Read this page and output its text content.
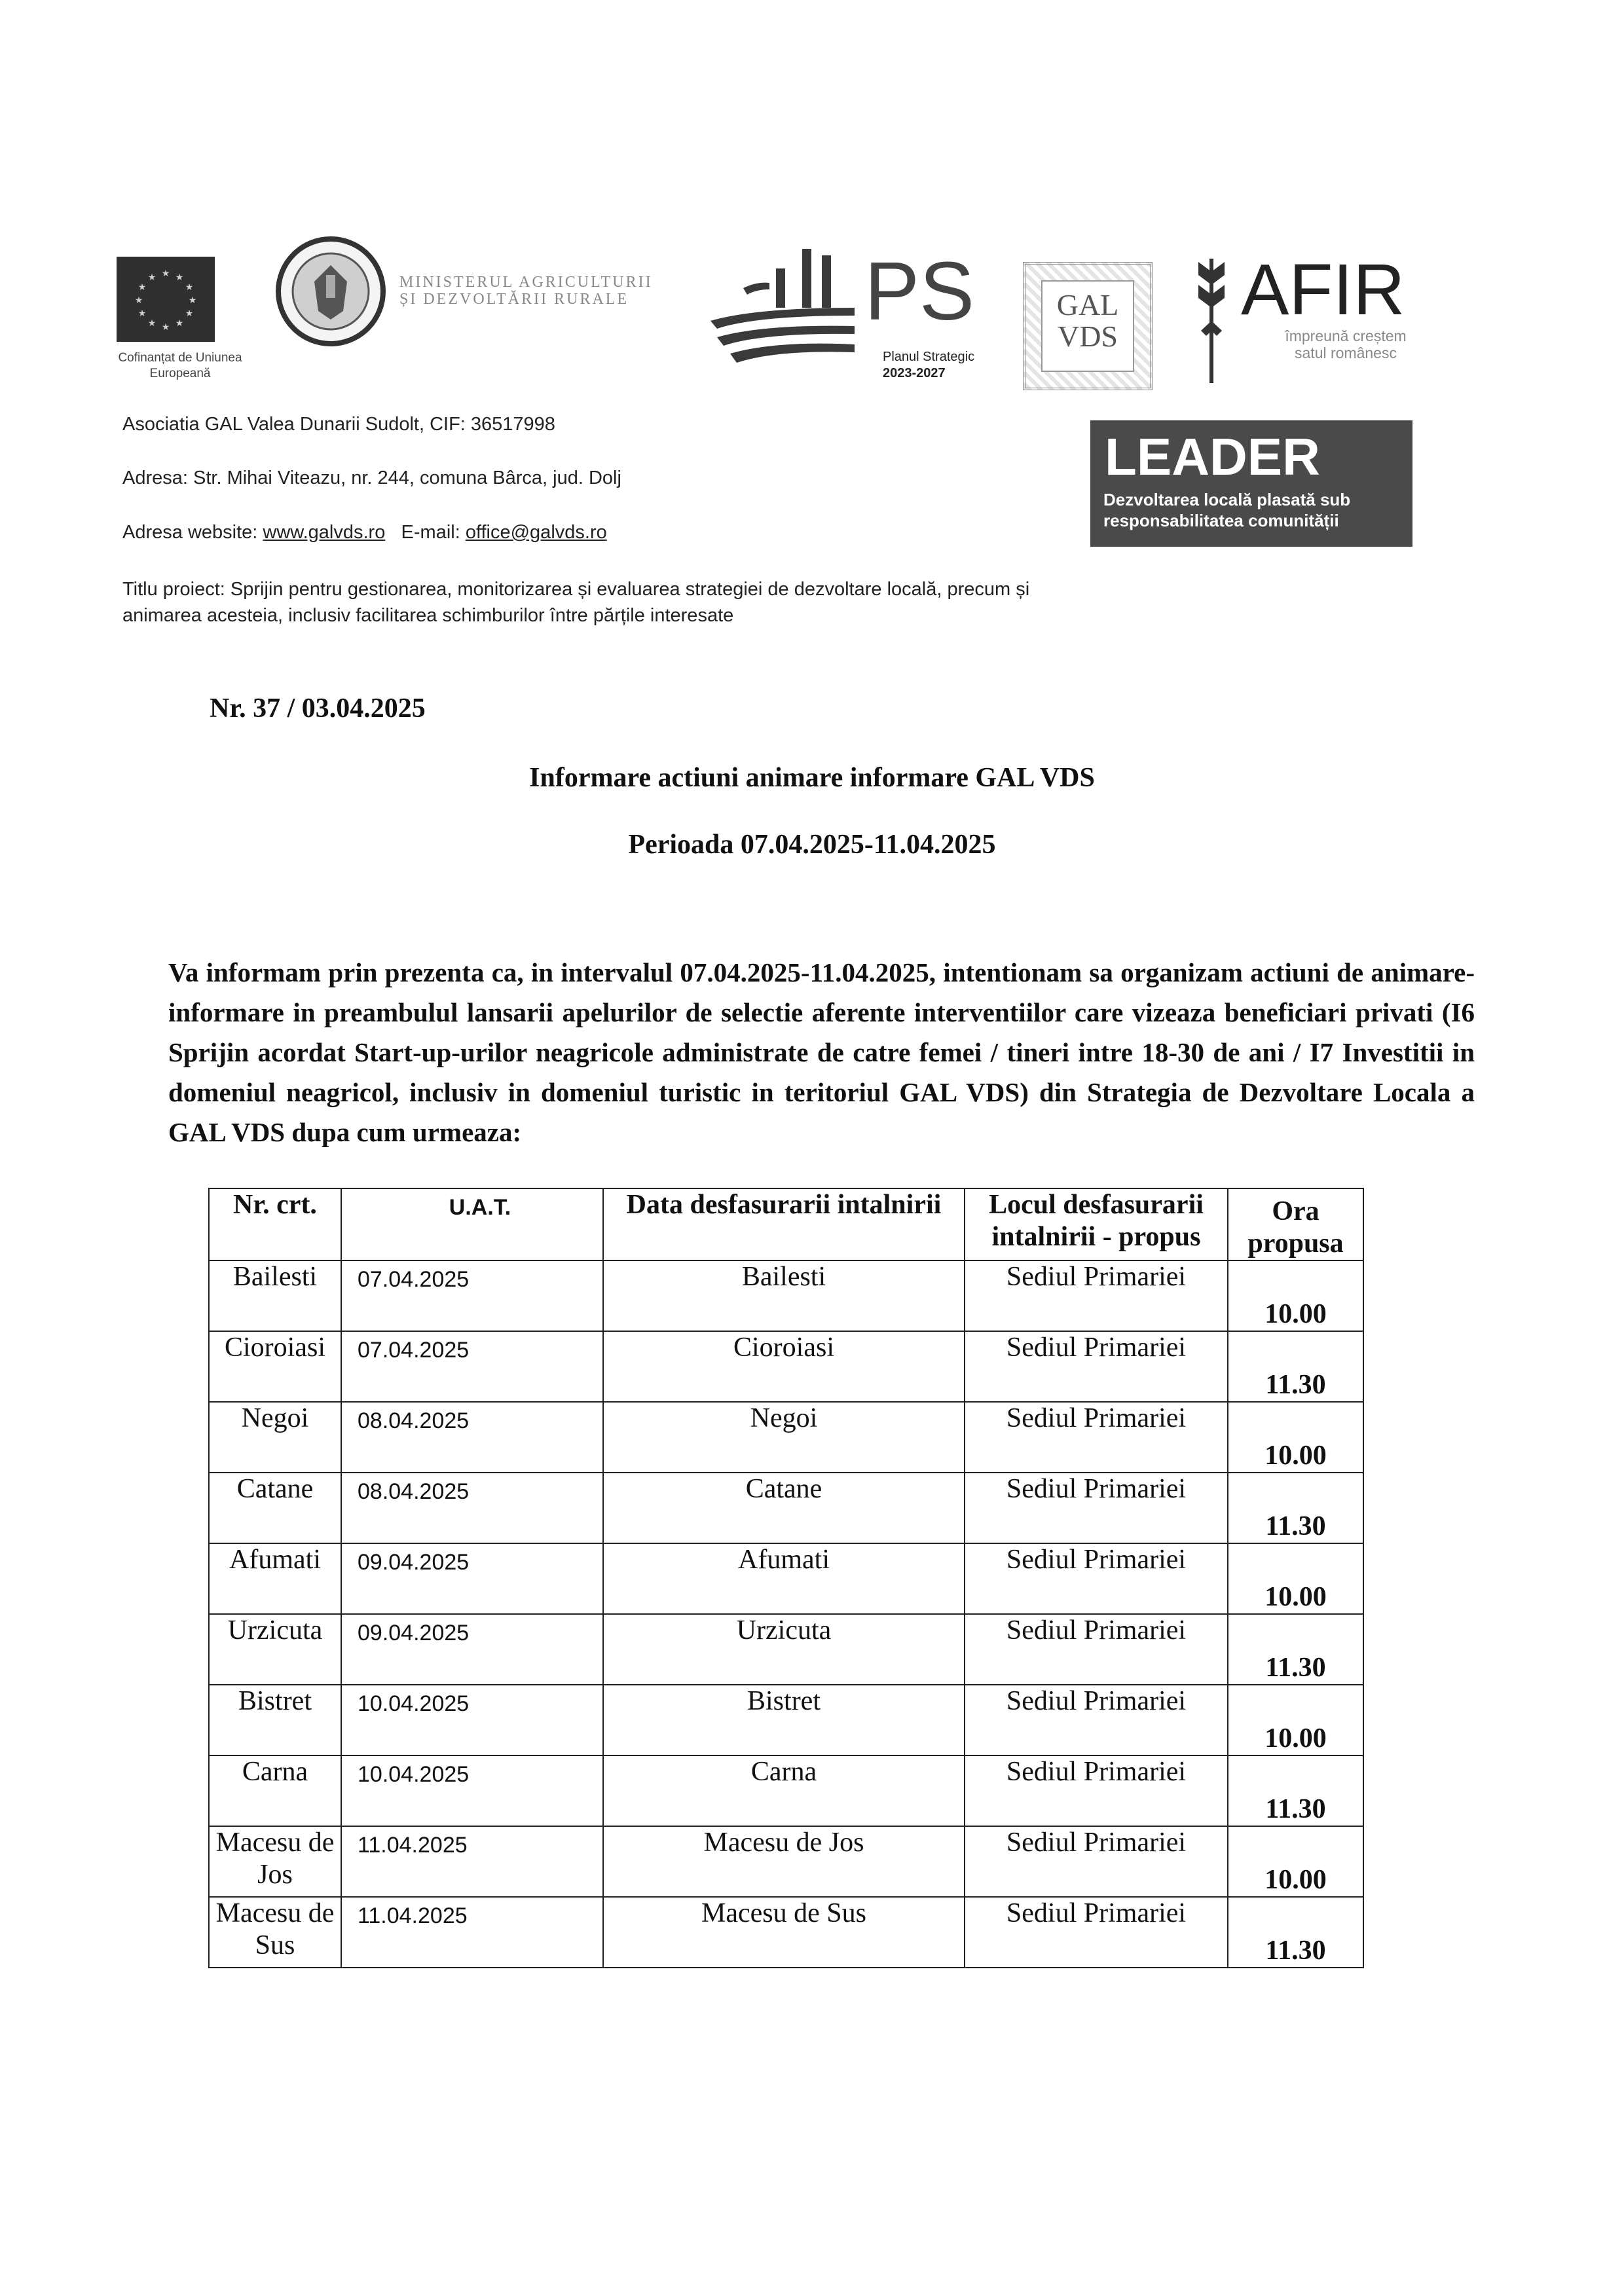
★ ★
★
★
★
★
★
★
★
★
★
★
Cofinanțat de Uniunea Europeană
MINISTERUL AGRICULTURII ȘI DEZVOLTĂRII RURALE	PS
Planul Strategic
2023-2027
GAL VDS
AFIR
împreună creștem satul românesc
Asociatia GAL Valea Dunarii Sudolt, CIF: 36517998
Adresa: Str. Mihai Viteazu, nr. 244, comuna Bârca, jud. Dolj
Adresa website: www.galvds.ro E-mail: office@galvds.ro
LEADER
Dezvoltarea locală plasată sub responsabilitatea comunității
Titlu proiect: Sprijin pentru gestionarea, monitorizarea și evaluarea strategiei de dezvoltare locală, precum și animarea acesteia, inclusiv facilitarea schimburilor între părțile interesate
Nr. 37 / 03.04.2025
Informare actiuni animare informare GAL VDS
Perioada 07.04.2025-11.04.2025
Va informam prin prezenta ca, in intervalul 07.04.2025-11.04.2025, intentionam sa organizam actiuni de animare-informare in preambulul lansarii apelurilor de selectie aferente interventiilor care vizeaza beneficiari privati (I6 Sprijin acordat Start-up-urilor neagricole administrate de catre femei / tineri intre 18-30 de ani / I7 Investitii in domeniul neagricol, inclusiv in domeniul turistic in teritoriul GAL VDS) din Strategia de Dezvoltare Locala a GAL VDS dupa cum urmeaza:
Nr. crt.	U.A.T.	Data desfasurarii intalnirii	Locul desfasurarii intalnirii - propus	Ora propusa
Bailesti	07.04.2025	Bailesti	Sediul Primariei	10.00

Cioroiasi	07.04.2025	Cioroiasi	Sediul Primariei	11.30

Negoi	08.04.2025	Negoi	Sediul Primariei	10.00

Catane	08.04.2025	Catane	Sediul Primariei	11.30

Afumati	09.04.2025	Afumati	Sediul Primariei	10.00

Urzicuta	09.04.2025	Urzicuta	Sediul Primariei	11.30

Bistret	10.04.2025	Bistret	Sediul Primariei	10.00

Carna	10.04.2025	Carna	Sediul Primariei	11.30

Macesu de Jos	11.04.2025	Macesu de Jos	Sediul Primariei	10.00

Macesu de Sus	11.04.2025	Macesu de Sus	Sediul Primariei	11.30
